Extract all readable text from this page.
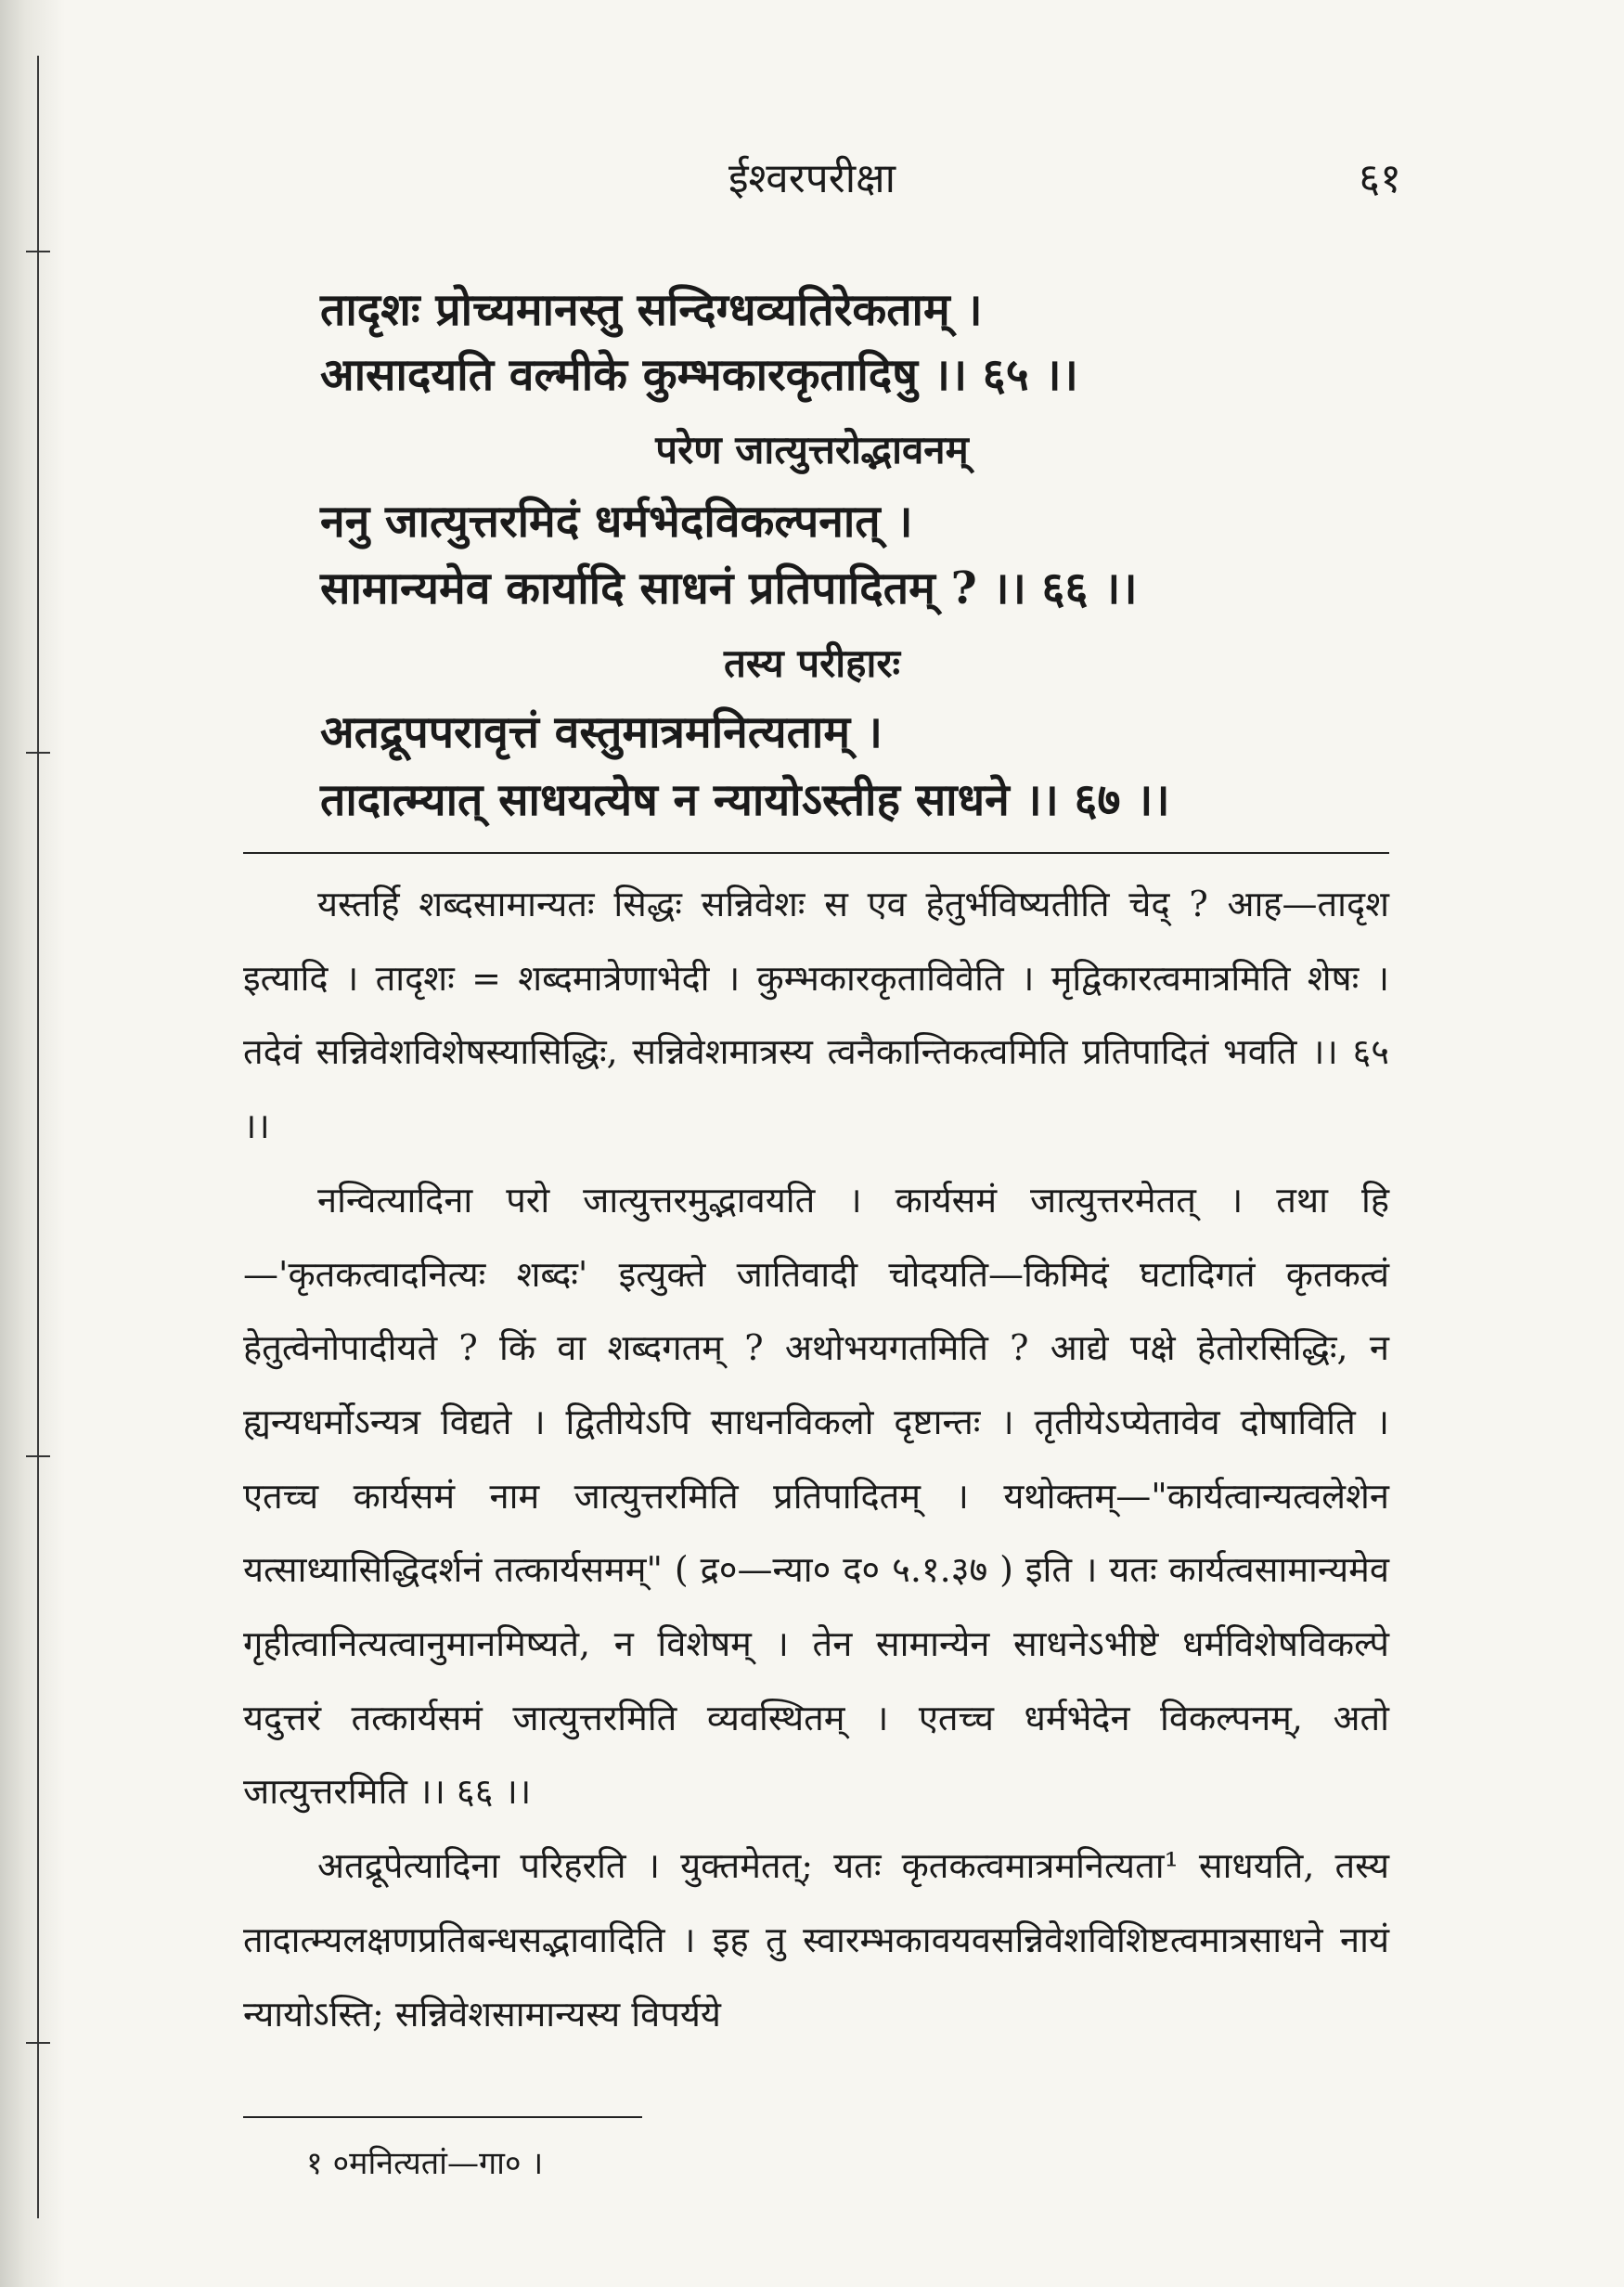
ईश्वरपरीक्षा	६१
तादृशः प्रोच्यमानस्तु सन्दिग्धव्यतिरेकताम् ।
आसादयति वल्मीके कुम्भकारकृतादिषु ।। ६५ ।।
परेण जात्युत्तरोद्भावनम्
ननु जात्युत्तरमिदं धर्मभेदविकल्पनात् ।
सामान्यमेव कार्यादि साधनं प्रतिपादितम् ? ।। ६६ ।।
तस्य परीहारः
अतद्रूपपरावृत्तं वस्तुमात्रमनित्यताम् ।
तादात्म्यात् साधयत्येष न न्यायोऽस्तीह साधने ।। ६७ ।।

यस्तर्हि शब्दसामान्यतः सिद्धः सन्निवेशः स एव हेतुर्भविष्यतीति चेद् ? आह—तादृश इत्यादि । तादृशः = शब्दमात्रेणाभेदी । कुम्भकारकृताविवेति । मृद्विकारत्वमात्रमिति शेषः । तदेवं सन्निवेशविशेषस्यासिद्धिः, सन्निवेशमात्रस्य त्वनैकान्तिकत्वमिति प्रतिपादितं भवति ।। ६५ ।।

नन्वित्यादिना परो जात्युत्तरमुद्भावयति । कार्यसमं जात्युत्तरमेतत् । तथा हि—'कृतकत्वादनित्यः शब्दः' इत्युक्ते जातिवादी चोदयति—किमिदं घटादिगतं कृतकत्वं हेतुत्वेनोपादीयते ? किं वा शब्दगतम् ? अथोभयगतमिति ? आद्ये पक्षे हेतोरसिद्धिः, न ह्यन्यधर्मोऽन्यत्र विद्यते । द्वितीयेऽपि साधनविकलो दृष्टान्तः । तृतीयेऽप्येतावेव दोषाविति । एतच्च कार्यसमं नाम जात्युत्तरमिति प्रतिपादितम् । यथोक्तम्—"कार्यत्वान्यत्वलेशेन यत्साध्यासिद्धिदर्शनं तत्कार्यसमम्" ( द्र०—न्या० द० ५.१.३७ ) इति । यतः कार्यत्वसामान्यमेव गृहीत्वानित्यत्वानुमानमिष्यते, न विशेषम् । तेन सामान्येन साधनेऽभीष्टे धर्मविशेषविकल्पे यदुत्तरं तत्कार्यसमं जात्युत्तरमिति व्यवस्थितम् । एतच्च धर्मभेदेन विकल्पनम्, अतो जात्युत्तरमिति ।। ६६ ।।

अतद्रूपेत्यादिना परिहरति । युक्तमेतत्; यतः कृतकत्वमात्रमनित्यता¹ साधयति, तस्य तादात्म्यलक्षणप्रतिबन्धसद्भावादिति । इह तु स्वारम्भकावयवसन्निवेशविशिष्टत्वमात्रसाधने नायं न्यायोऽस्ति; सन्निवेशसामान्यस्य विपर्यये

१ ०मनित्यतां—गा० ।
